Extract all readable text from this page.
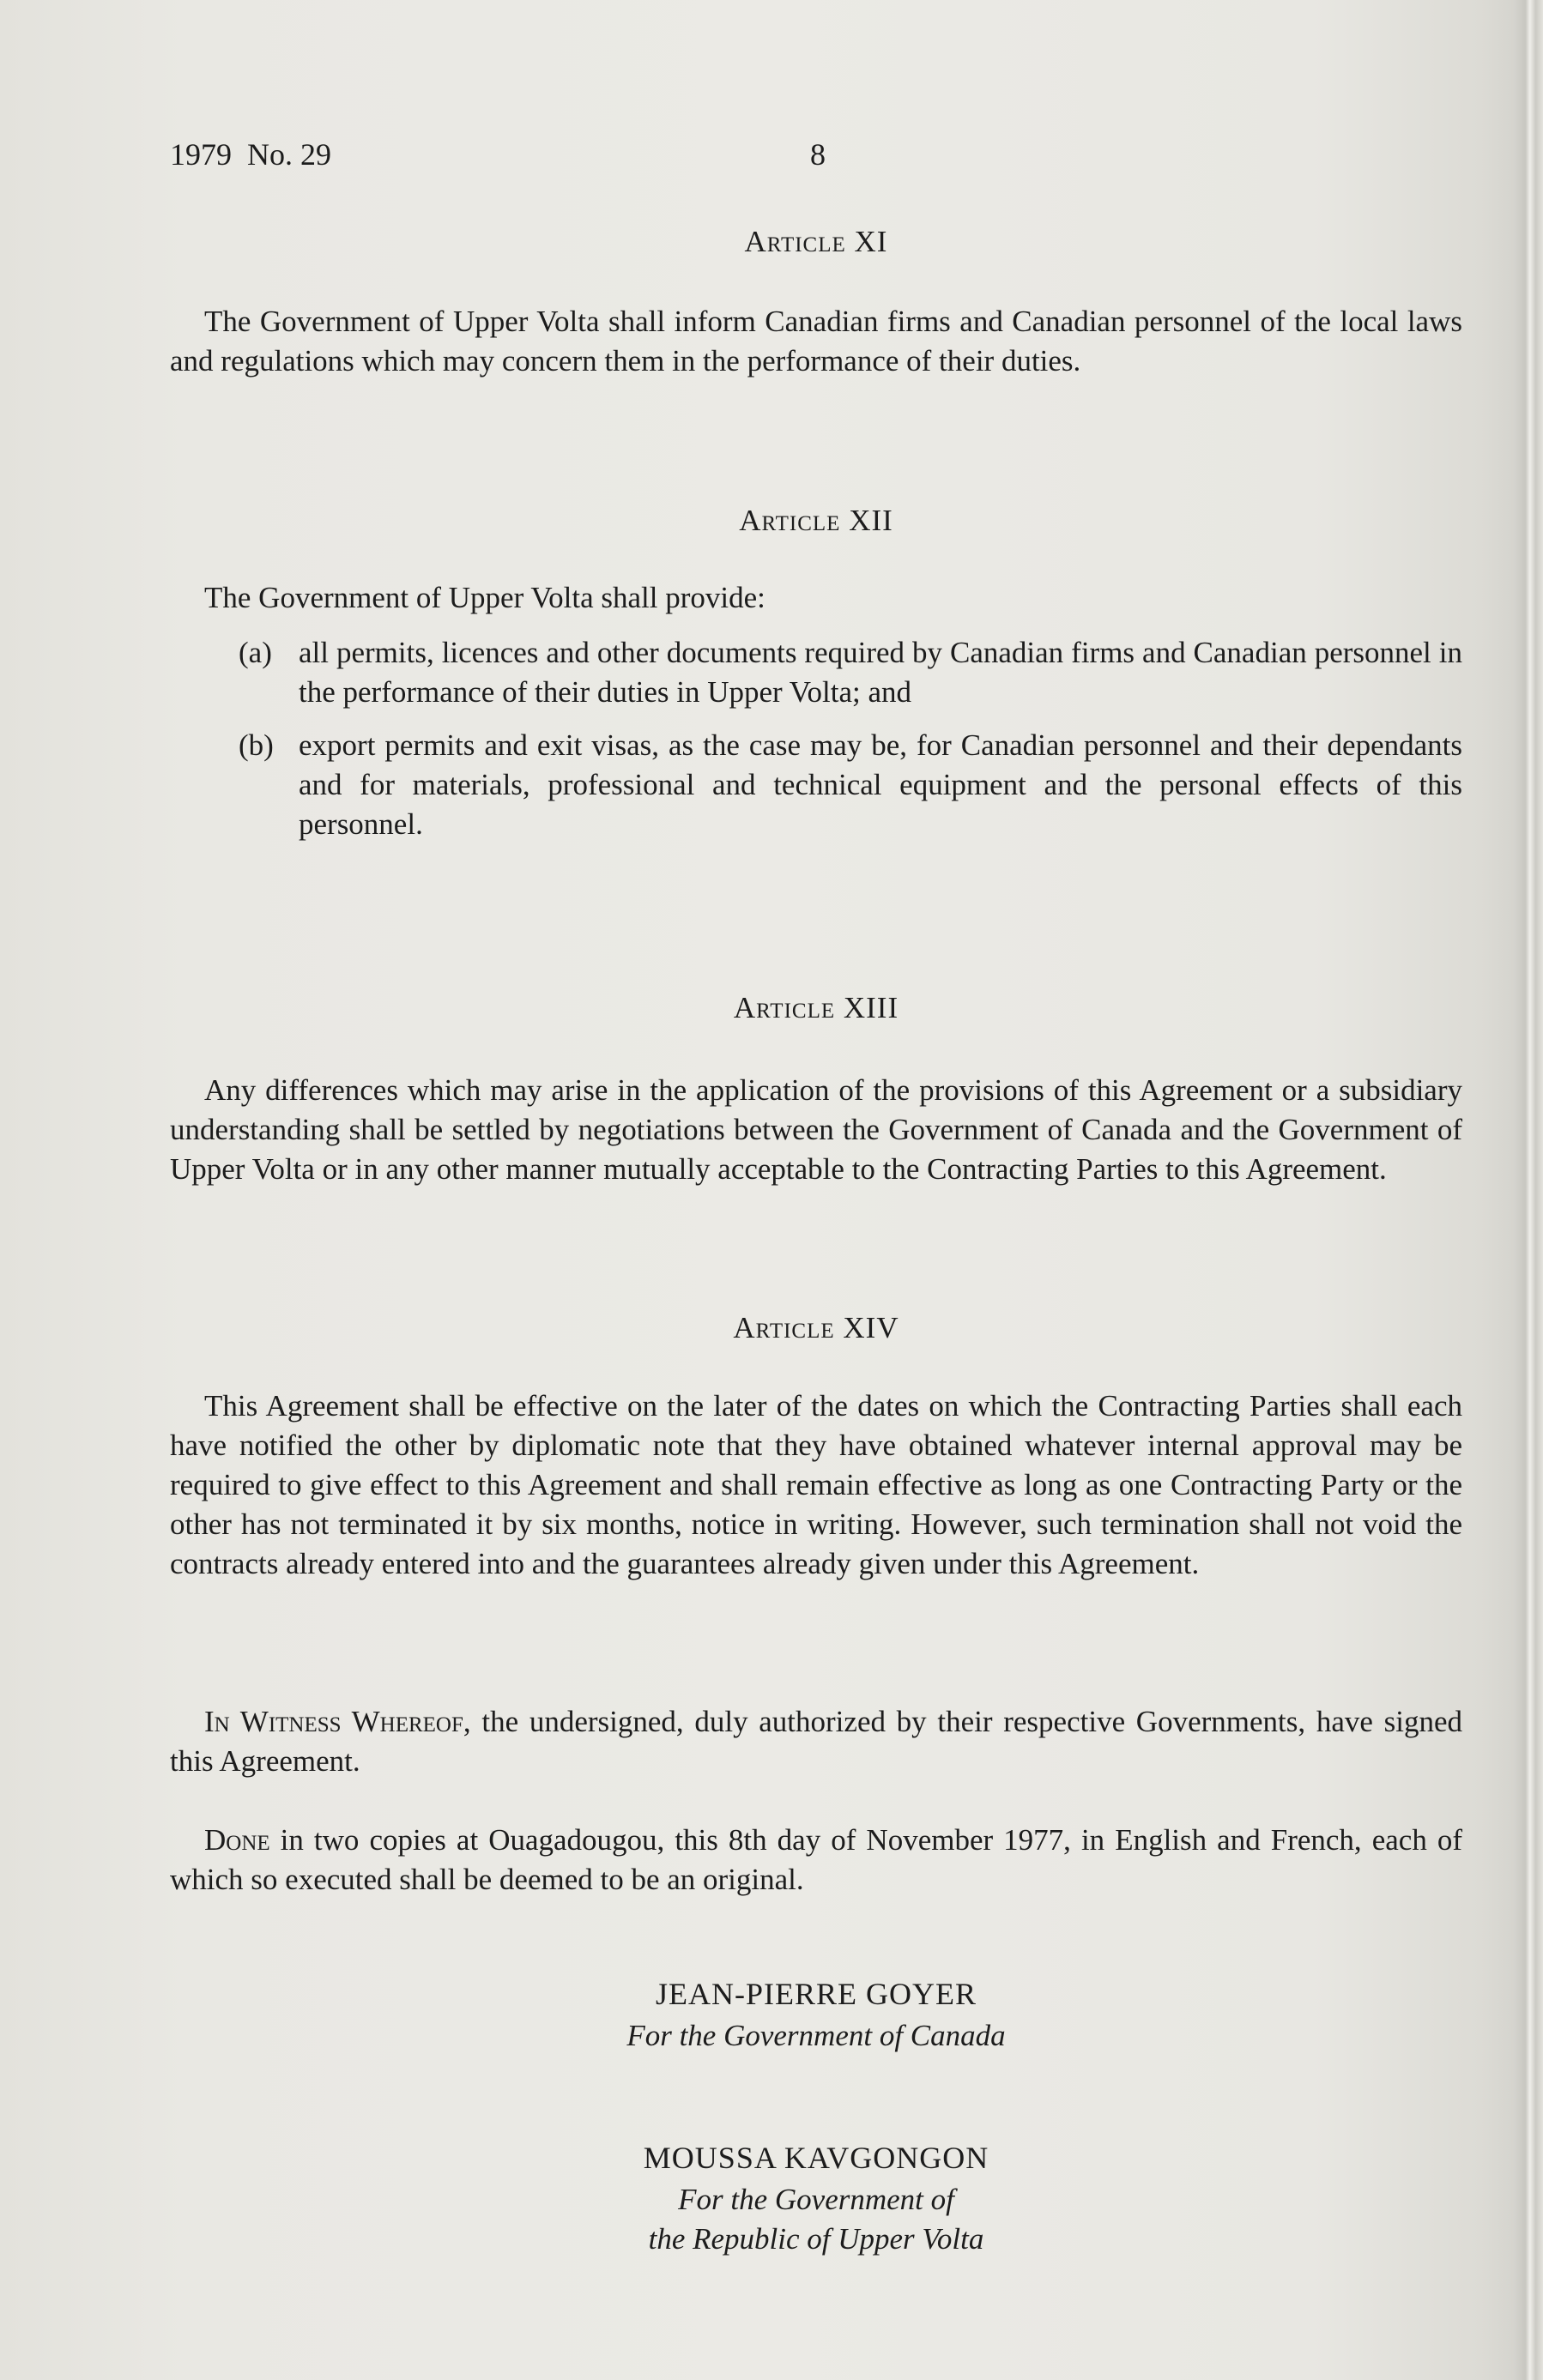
1979 No. 29	8
Article XI
The Government of Upper Volta shall inform Canadian firms and Canadian personnel of the local laws and regulations which may concern them in the performance of their duties.
Article XII
The Government of Upper Volta shall provide:
(a) all permits, licences and other documents required by Canadian firms and Canadian personnel in the performance of their duties in Upper Volta; and
(b) export permits and exit visas, as the case may be, for Canadian personnel and their dependants and for materials, professional and technical equipment and the personal effects of this personnel.
Article XIII
Any differences which may arise in the application of the provisions of this Agreement or a subsidiary understanding shall be settled by negotiations between the Government of Canada and the Government of Upper Volta or in any other manner mutually acceptable to the Contracting Parties to this Agreement.
Article XIV
This Agreement shall be effective on the later of the dates on which the Contracting Parties shall each have notified the other by diplomatic note that they have obtained whatever internal approval may be required to give effect to this Agreement and shall remain effective as long as one Contracting Party or the other has not terminated it by six months, notice in writing. However, such termination shall not void the contracts already entered into and the guarantees already given under this Agreement.
In Witness Whereof, the undersigned, duly authorized by their respective Governments, have signed this Agreement.
Done in two copies at Ouagadougou, this 8th day of November 1977, in English and French, each of which so executed shall be deemed to be an original.
JEAN-PIERRE GOYER
For the Government of Canada
MOUSSA KAVGONGON
For the Government of
the Republic of Upper Volta
